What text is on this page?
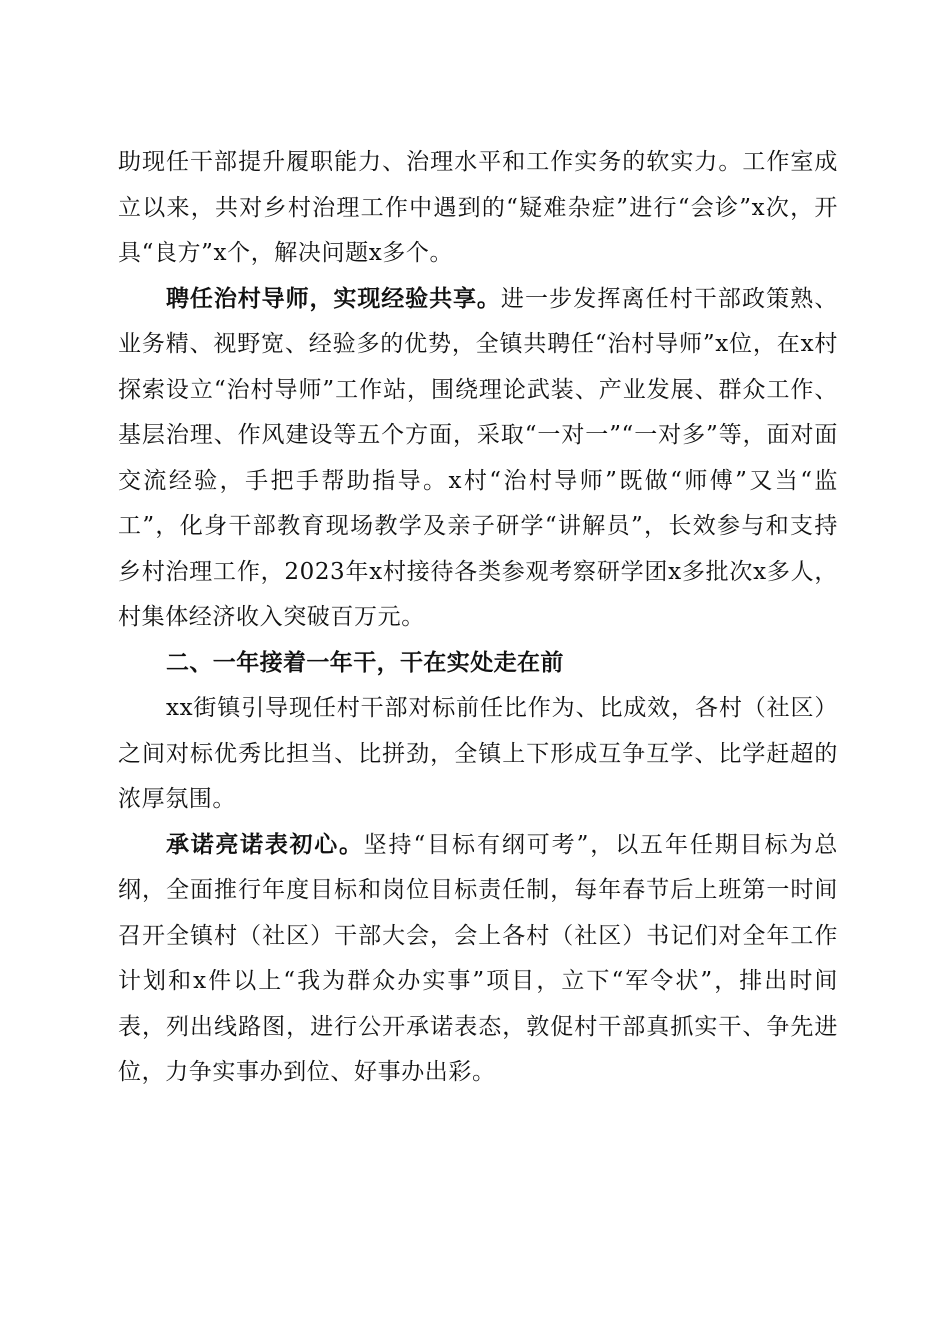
助现任干部提升履职能力、治理水平和工作实务的软实力。工作室成立以来，共对乡村治理工作中遇到的“疑难杂症”进行“会诊”x次，开具“良方”x个，解决问题x多个。

聘任治村导师，实现经验共享。进一步发挥离任村干部政策熟、业务精、视野宽、经验多的优势，全镇共聘任“治村导师”x位，在x村探索设立“治村导师”工作站，围绕理论武装、产业发展、群众工作、基层治理、作风建设等五个方面，采取“一对一”“一对多”等，面对面交流经验，手把手帮助指导。x村“治村导师”既做“师傅”又当“监工”，化身干部教育现场教学及亲子研学“讲解员”，长效参与和支持乡村治理工作，2023年x村接待各类参观考察研学团x多批次x多人，村集体经济收入突破百万元。

二、一年接着一年干，干在实处走在前

xx街镇引导现任村干部对标前任比作为、比成效，各村（社区）之间对标优秀比担当、比拼劲，全镇上下形成互争互学、比学赶超的浓厚氛围。

承诺亮诺表初心。坚持“目标有纲可考”，以五年任期目标为总纲，全面推行年度目标和岗位目标责任制，每年春节后上班第一时间召开全镇村（社区）干部大会，会上各村（社区）书记们对全年工作计划和x件以上“我为群众办实事”项目，立下“军令状”，排出时间表，列出线路图，进行公开承诺表态，敦促村干部真抓实干、争先进位，力争实事办到位、好事办出彩。
